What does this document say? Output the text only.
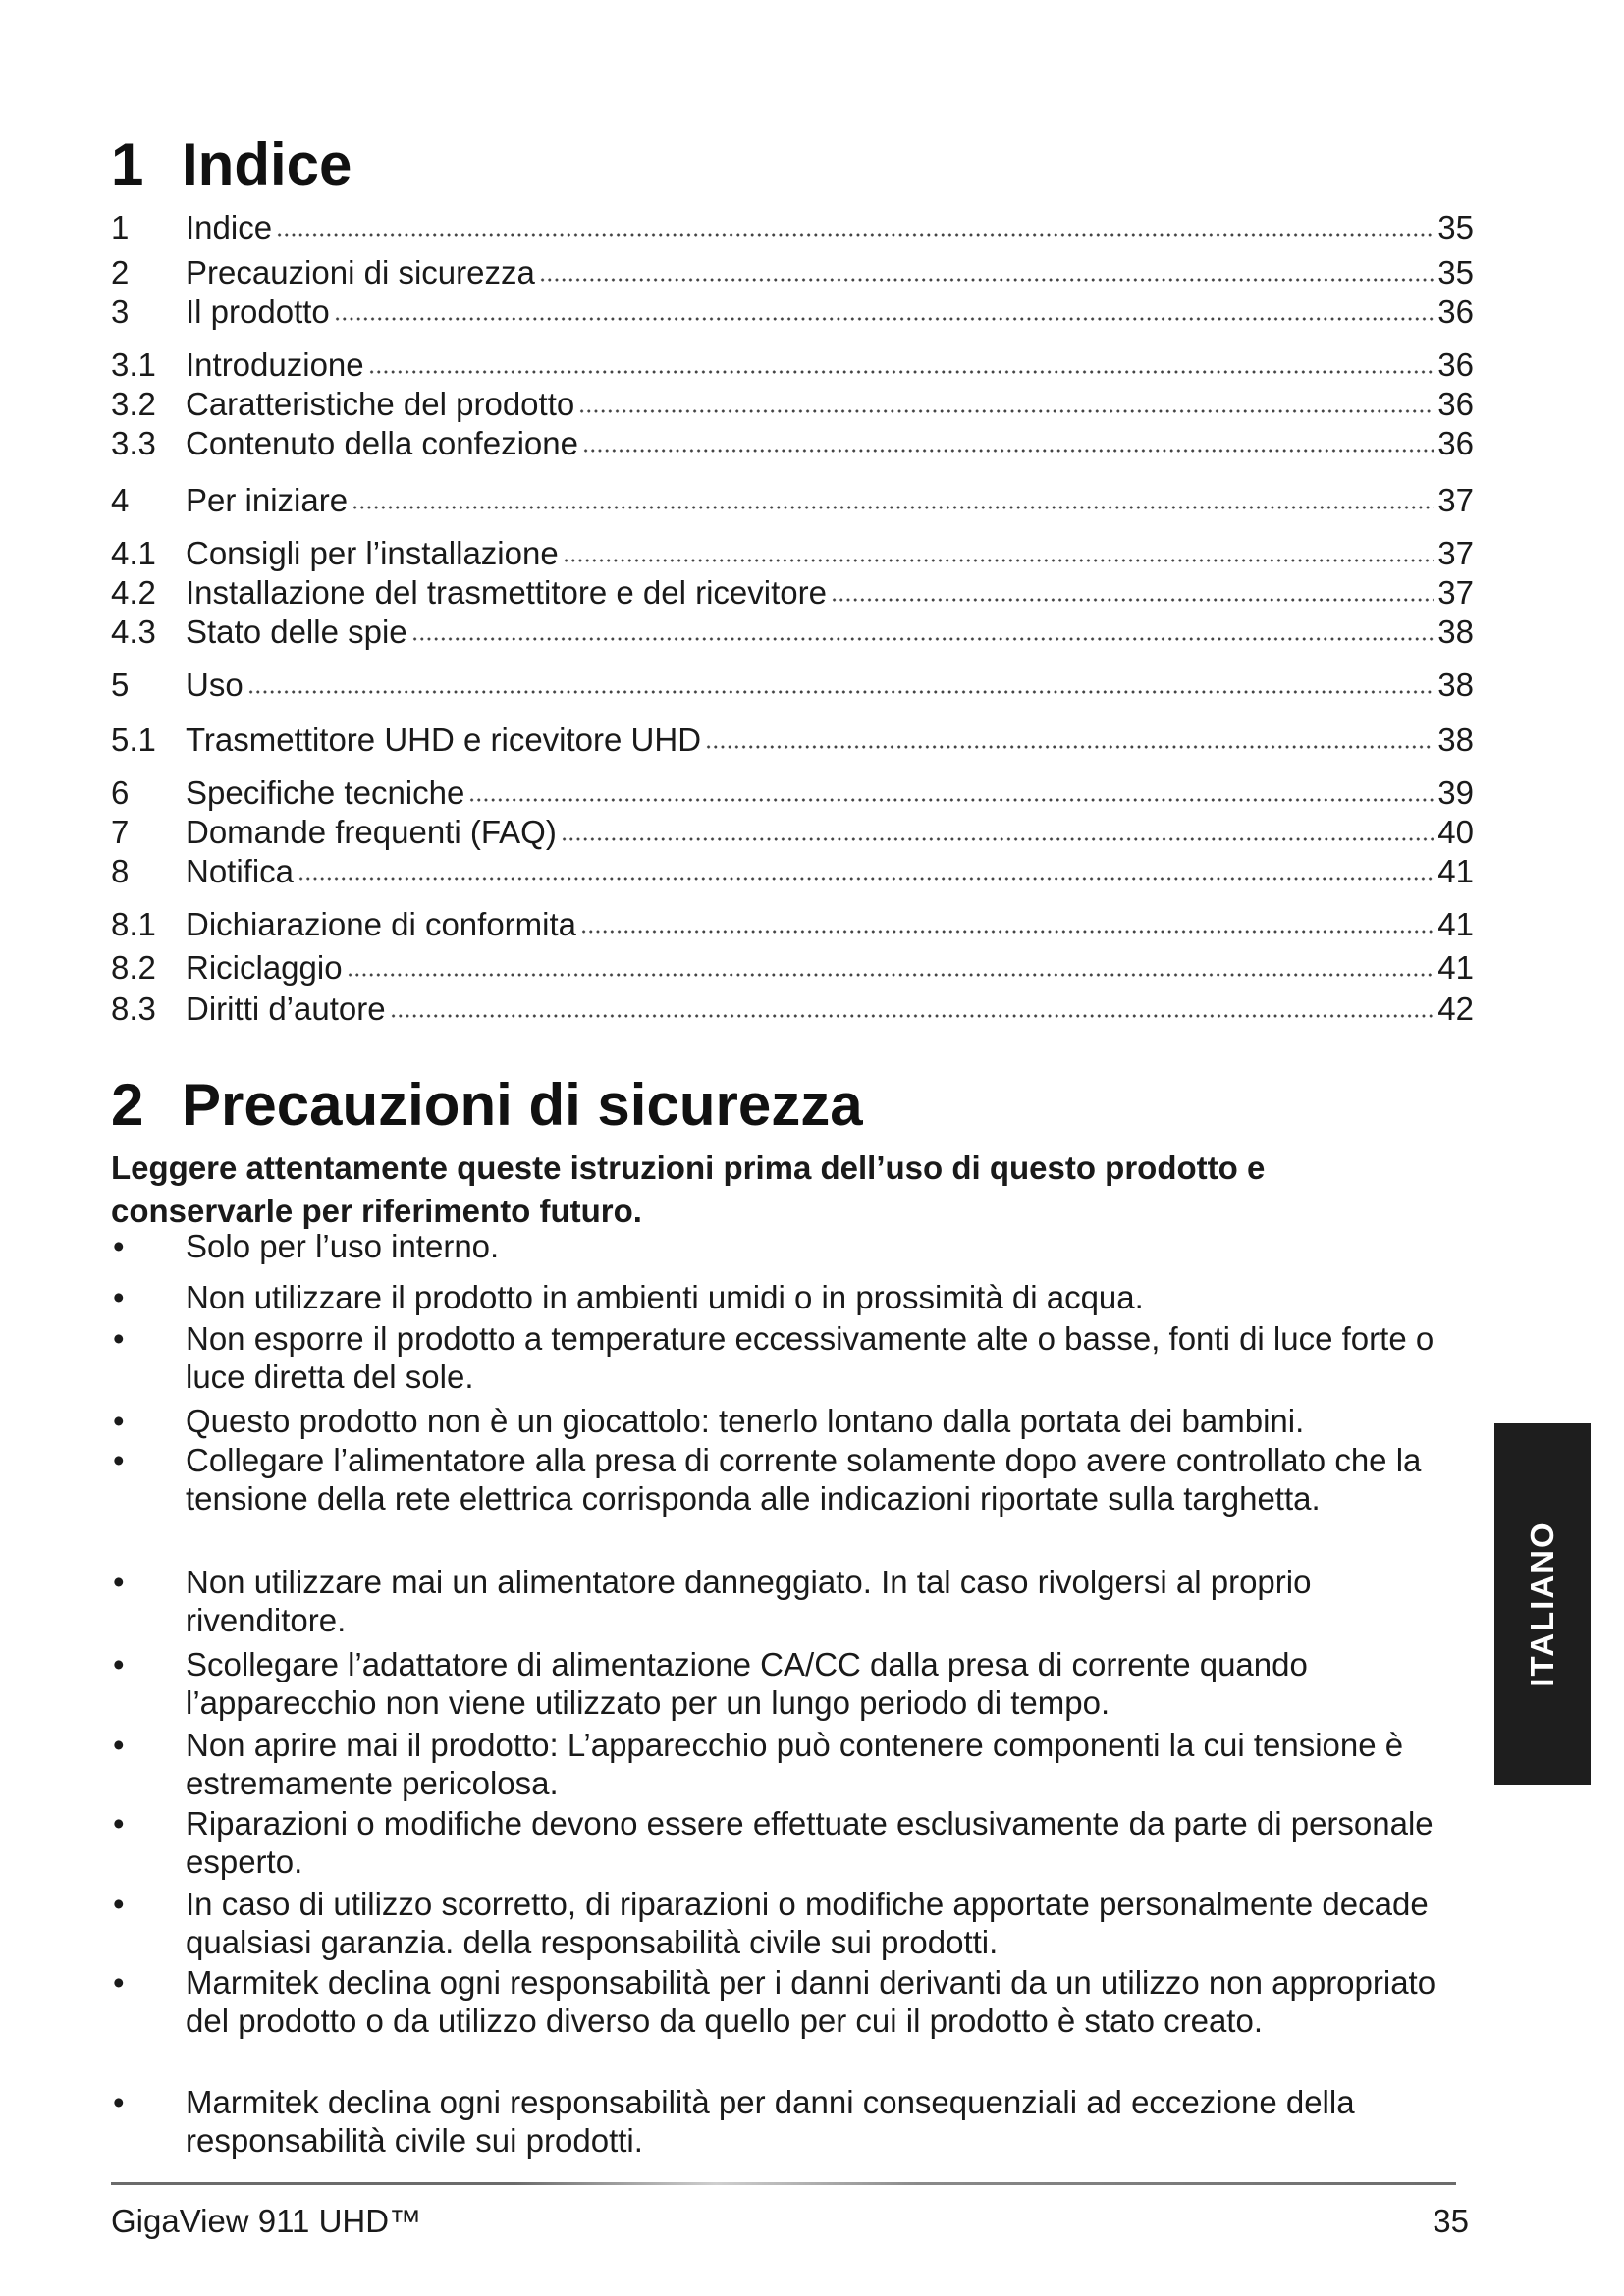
1 Indice
1	Indice	35
2	Precauzioni di sicurezza	35
3	Il prodotto	36
3.1 Introduzione	36
3.2 Caratteristiche del prodotto	36
3.3 Contenuto della confezione	36
4	Per iniziare	37
4.1 Consigli per l’installazione	37
4.2 Installazione del trasmettitore e del ricevitore	37
4.3 Stato delle spie	38
5	Uso	38
5.1 Trasmettitore UHD e ricevitore UHD	38
6	Specifiche tecniche	39
7	Domande frequenti (FAQ)	40
8	Notifica	41
8.1 Dichiarazione di conformita	41
8.2 Riciclaggio	41
8.3 Diritti d’autore	42
2 Precauzioni di sicurezza

Leggere attentamente queste istruzioni prima dell’uso di questo prodotto e conservarle per riferimento futuro.

• Solo per l’uso interno.
• Non utilizzare il prodotto in ambienti umidi o in prossimità di acqua.
• Non esporre il prodotto a temperature eccessivamente alte o basse, fonti di luce forte o luce diretta del sole.
• Questo prodotto non è un giocattolo: tenerlo lontano dalla portata dei bambini.
• Collegare l’alimentatore alla presa di corrente solamente dopo avere controllato che la tensione della rete elettrica corrisponda alle indicazioni riportate sulla targhetta.
• Non utilizzare mai un alimentatore danneggiato. In tal caso rivolgersi al proprio rivenditore.
• Scollegare l’adattatore di alimentazione CA/CC dalla presa di corrente quando l’apparecchio non viene utilizzato per un lungo periodo di tempo.
• Non aprire mai il prodotto: L’apparecchio può contenere componenti la cui tensione è estremamente pericolosa.
• Riparazioni o modifiche devono essere effettuate esclusivamente da parte di personale esperto.
• In caso di utilizzo scorretto, di riparazioni o modifiche apportate personalmente decade qualsiasi garanzia. della responsabilità civile sui prodotti.
• Marmitek declina ogni responsabilità per i danni derivanti da un utilizzo non appropriato del prodotto o da utilizzo diverso da quello per cui il prodotto è stato creato.
• Marmitek declina ogni responsabilità per danni consequenziali ad eccezione della responsabilità civile sui prodotti.
ITALIANO
GigaView 911 UHD™	35
